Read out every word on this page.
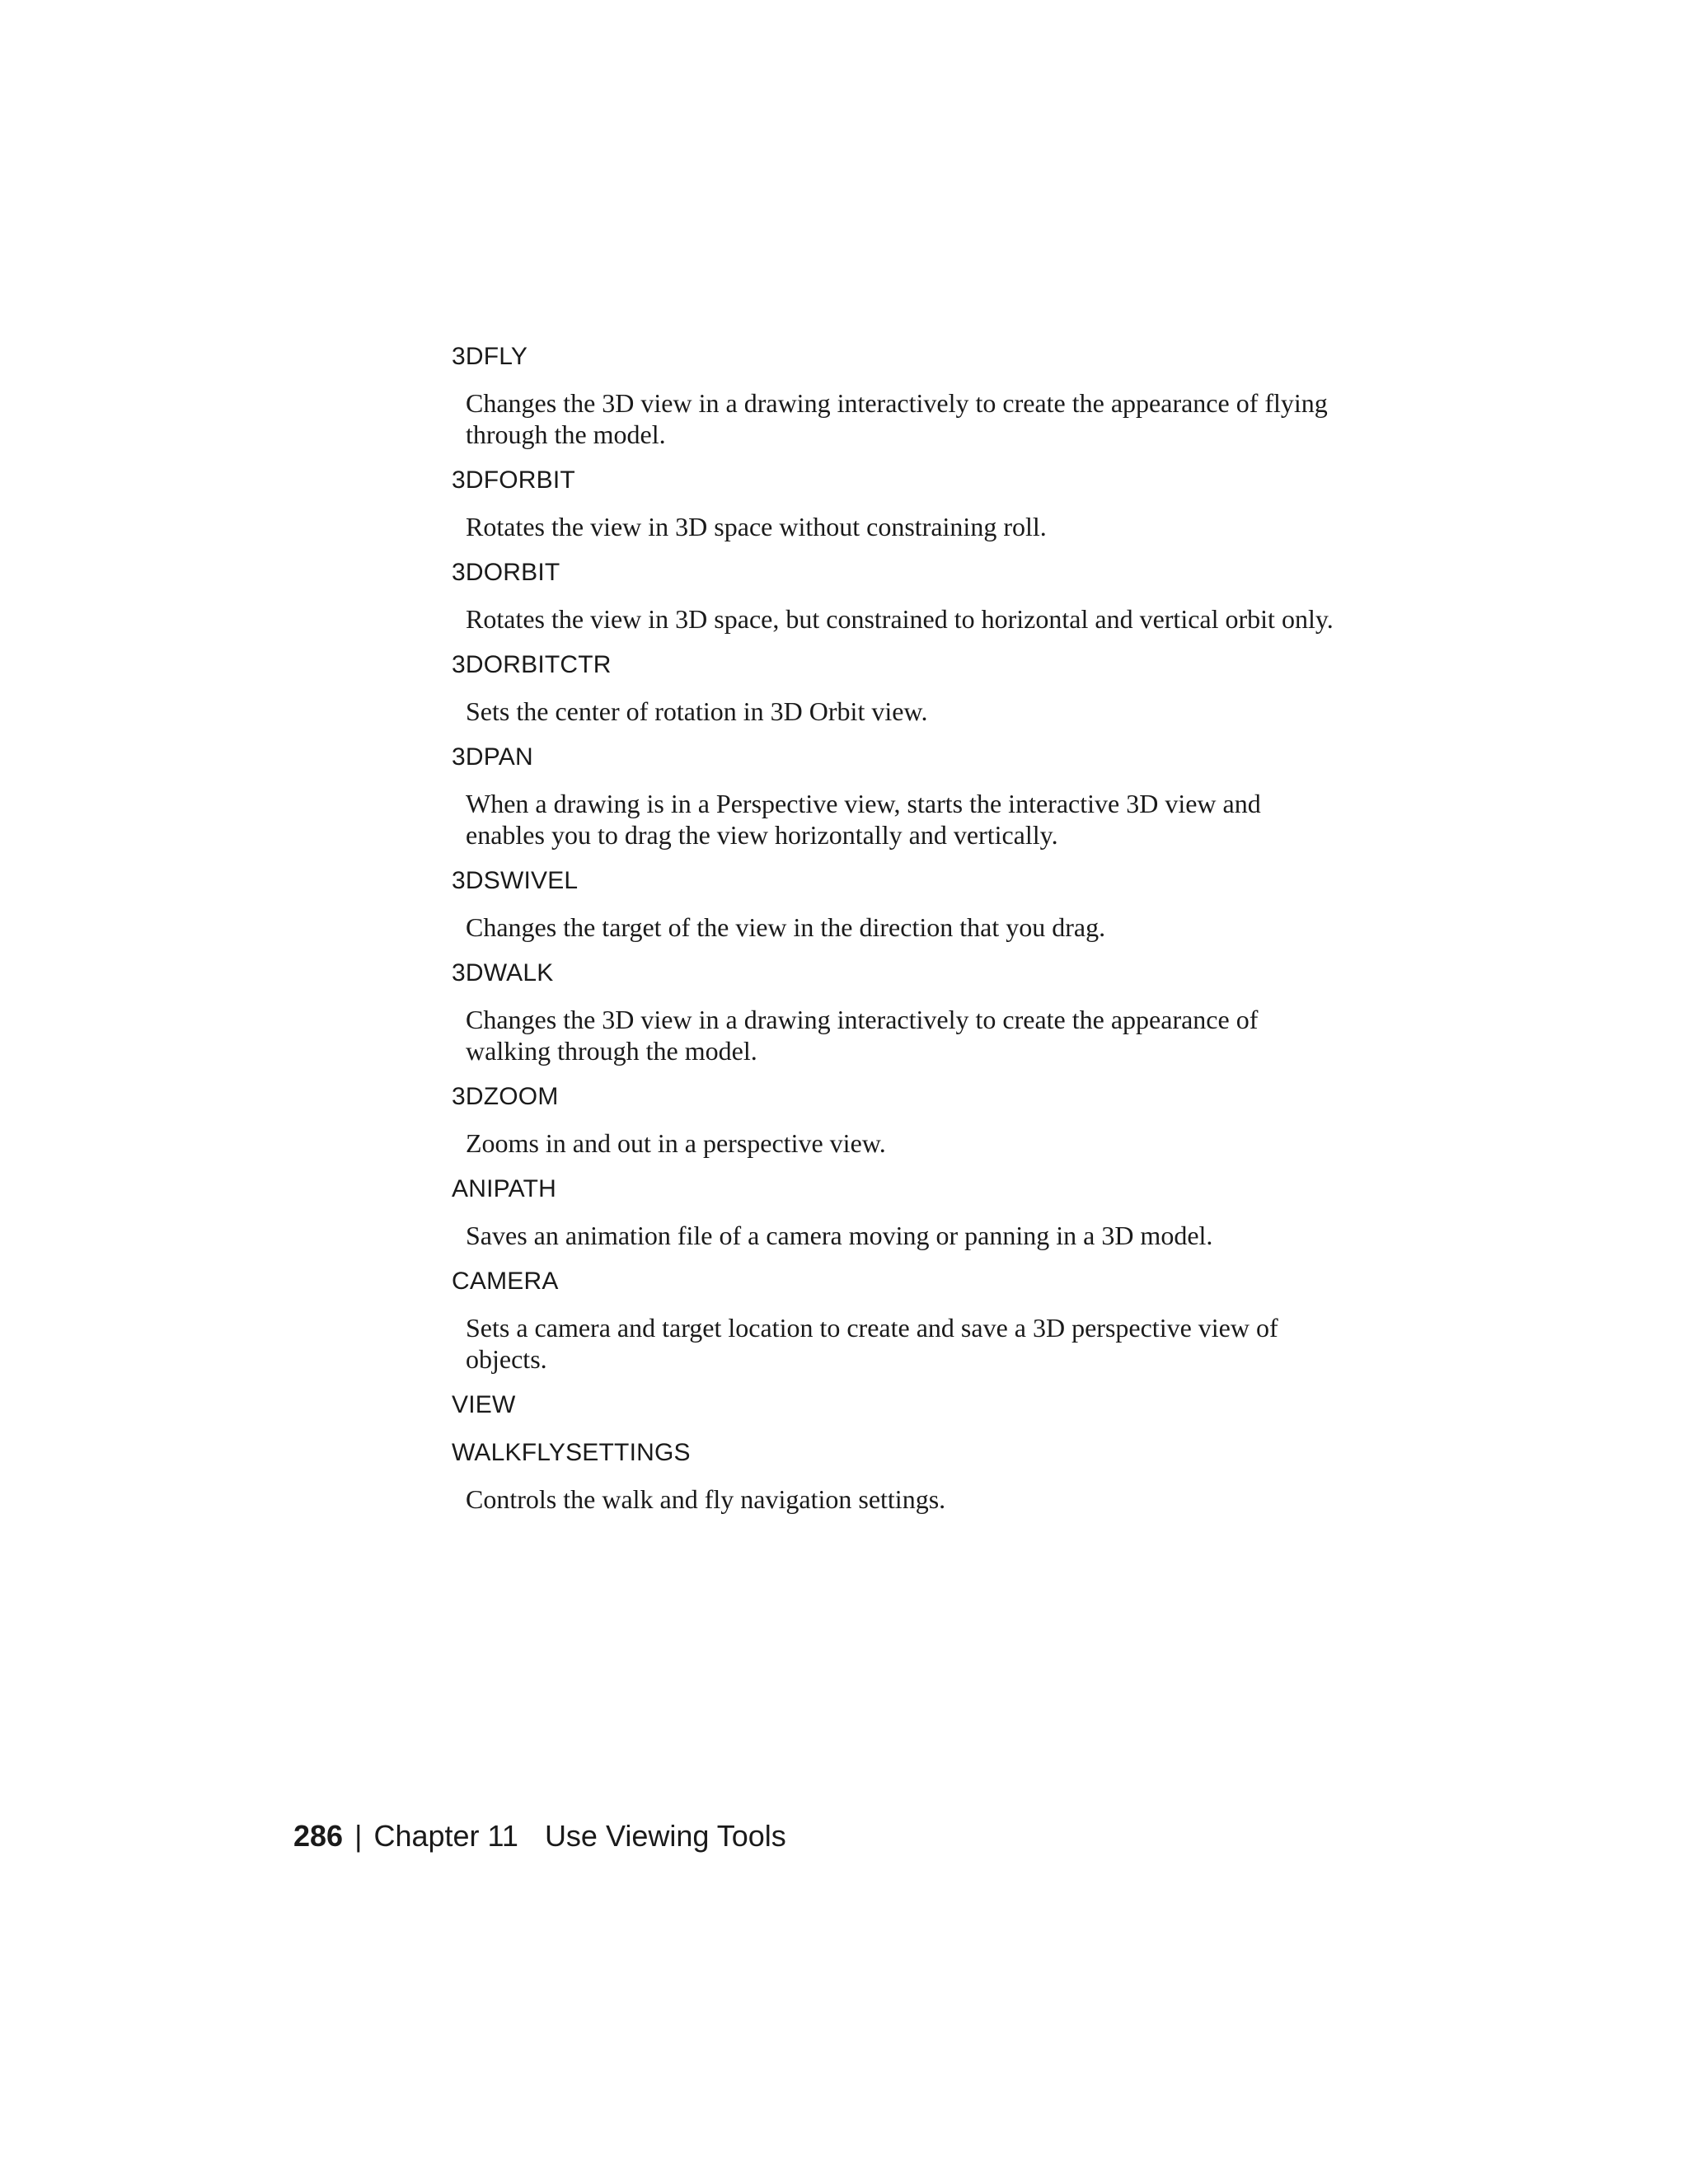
3DFLY

Changes the 3D view in a drawing interactively to create the appearance of flying through the model.

3DFORBIT

Rotates the view in 3D space without constraining roll.

3DORBIT

Rotates the view in 3D space, but constrained to horizontal and vertical orbit only.

3DORBITCTR

Sets the center of rotation in 3D Orbit view.

3DPAN

When a drawing is in a Perspective view, starts the interactive 3D view and enables you to drag the view horizontally and vertically.

3DSWIVEL

Changes the target of the view in the direction that you drag.

3DWALK

Changes the 3D view in a drawing interactively to create the appearance of walking through the model.

3DZOOM

Zooms in and out in a perspective view.

ANIPATH

Saves an animation file of a camera moving or panning in a 3D model.

CAMERA

Sets a camera and target location to create and save a 3D perspective view of objects.

VIEW

WALKFLYSETTINGS

Controls the walk and fly navigation settings.

286 | Chapter 11 Use Viewing Tools
